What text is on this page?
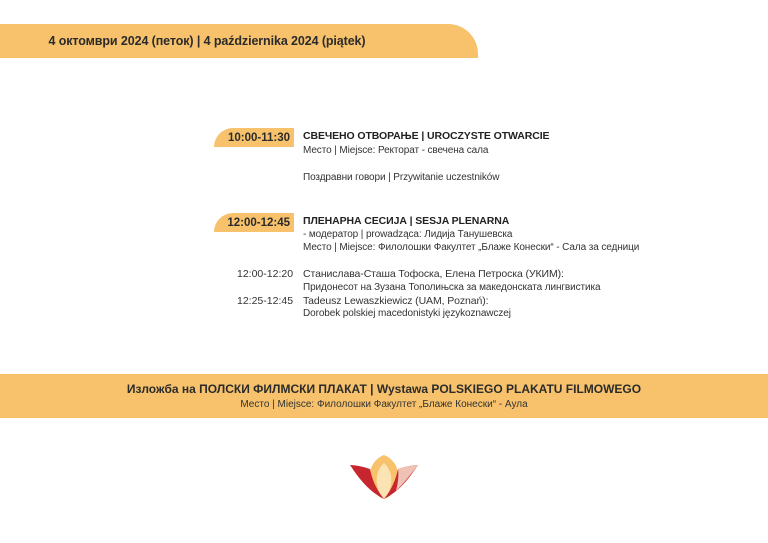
4 октомври 2024 (петок) | 4 października 2024 (piątek)
10:00-11:30	СВЕЧЕНО ОТВОРАЊЕ | UROCZYSTE OTWARCIE
Место | Miejsce: Ректорат - свечена сала
Поздравни говори | Przywitanie uczestników
12:00-12:45	ПЛЕНАРНА СЕСИЈА | SESJA PLENARNA
- модератор | prowadząca: Лидија Танушевска
Место | Miejsce: Филолошки Факултет „Блаже Конески“ - Сала за седници
12:00-12:20 Станислава-Сташа Тофоска, Елена Петроска (УКИМ):
Придонесот на Зузана Тополињска за македонската лингвистика
12:25-12:45 Tadeusz Lewaszkiewicz (UAM, Poznań):
Dorobek polskiej macedonistyki językoznawczej
Изложба на ПОЛСКИ ФИЛМСКИ ПЛАКАТ | Wystawa POLSKIEGO PLAKATU FILMOWEGO
Место | Miejsce: Филолошки Факултет „Блаже Конески“ - Аула
